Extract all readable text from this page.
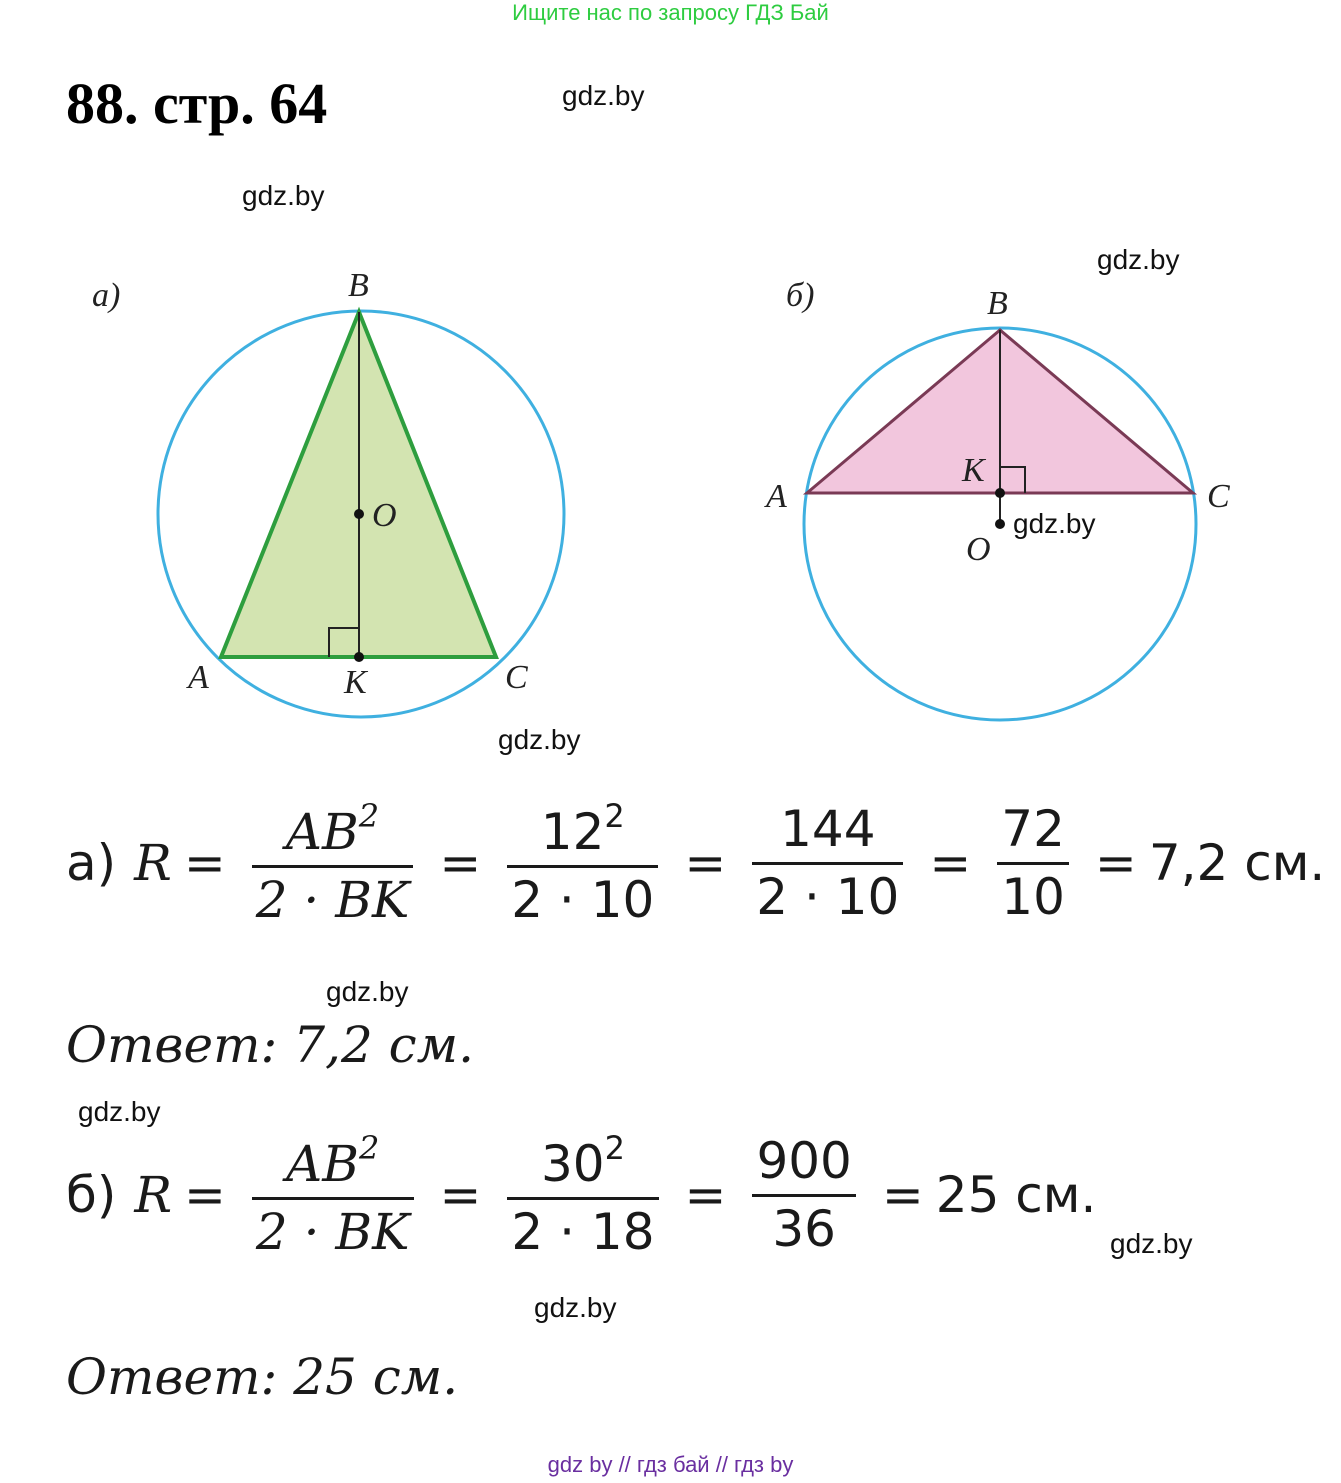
Ищите нас по запросу ГДЗ Бай
88. стр. 64	gdz.by
gdz.by
gdz.by
gdz.by
gdz.by
gdz.by
gdz.by
gdz.by
gdz.by
а)	B
O
A	K	C
б)	B
K
A	C
O
а) $R = \frac{AB^2}{2 \cdot BK} = \frac{12^2}{2 \cdot 10} = \frac{144}{2 \cdot 10} = \frac{72}{10} = 7,2$ см.
Ответ: 7,2 см.
б) $R = \frac{AB^2}{2 \cdot BK} = \frac{30^2}{2 \cdot 18} = \frac{900}{36} = 25$ см.
Ответ: 25 см.
gdz by // гдз бай // гдз by
